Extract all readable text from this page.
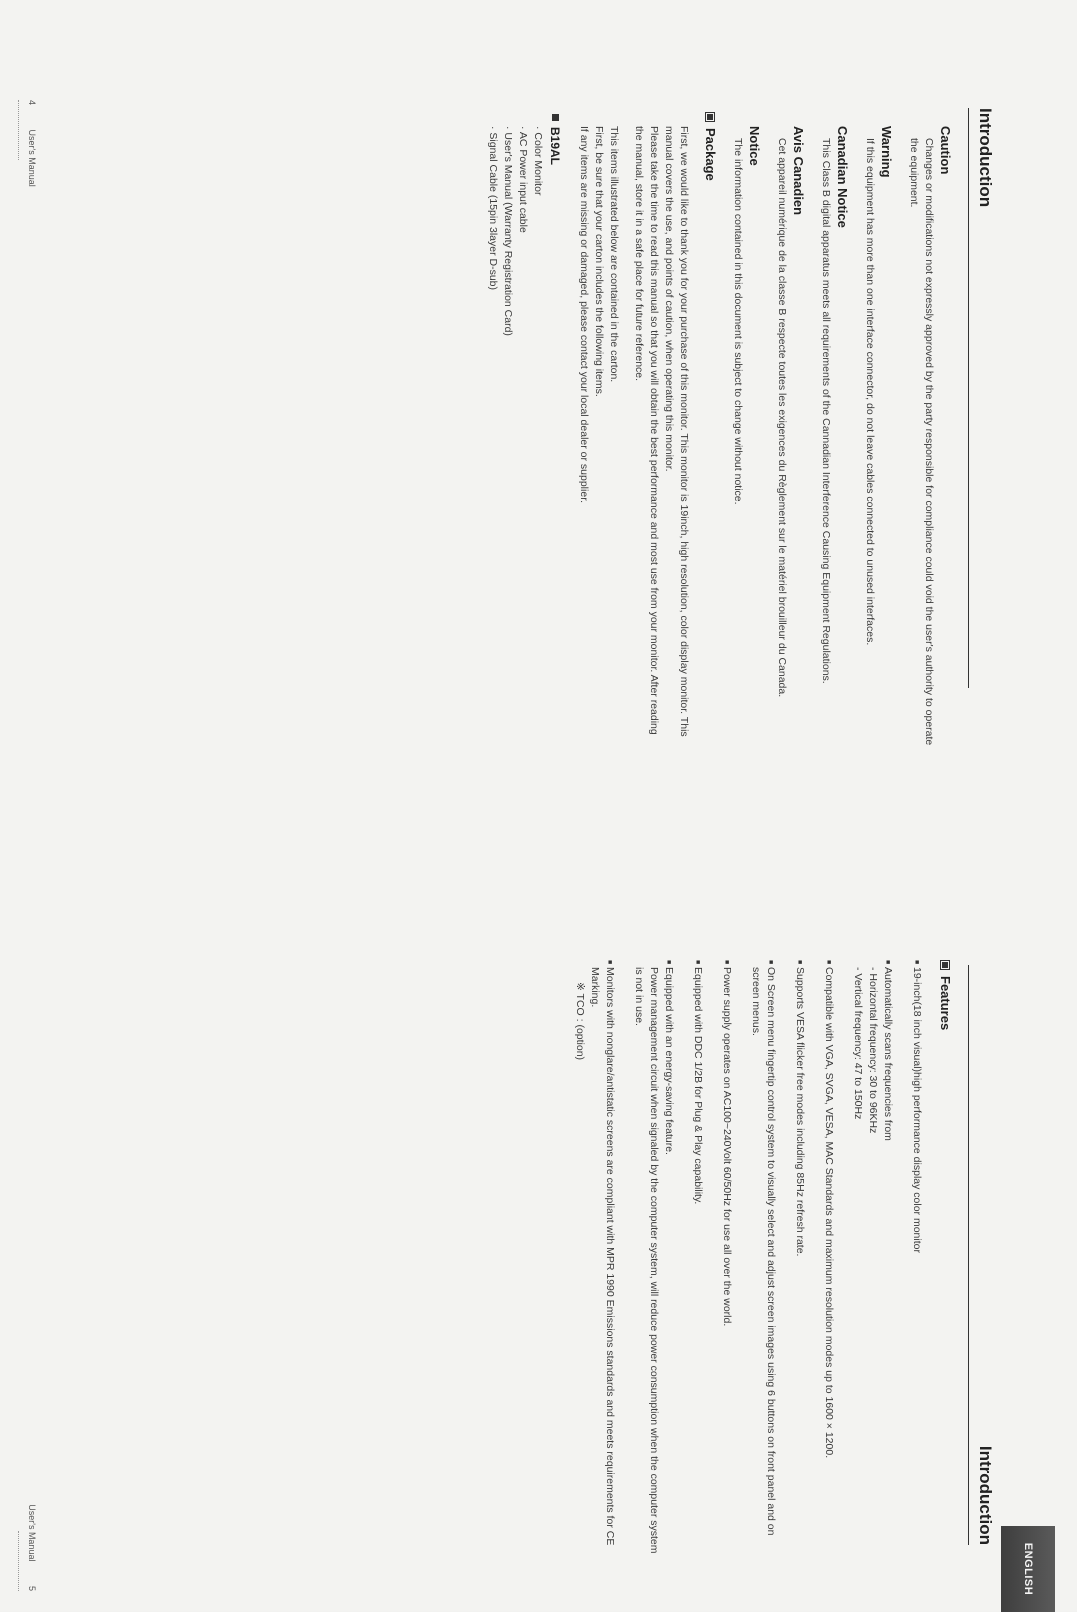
Introduction
Caution

Changes or modifications not expressly approved by the party responsible for compliance could void the user's authority to operate the equipment.

Warning

If this equipment has more than one interface connector, do not leave cables connected to unused interfaces.

Canadian Notice

This Class B digital apparatus meets all requirements of the Cannadian Interference Causing Equipment Regulations.

Avis Canadien

Cet appareil numérique de la classe B respecte toutes les exigences du Règlement sur le matériel brouilleur du Canada.

Notice

The information contained in this document is subject to change without notice.

Package

First, we would like to thank you for your purchase of this monitor. This monitor is 19inch, high resolution, color display monitor. This manual covers the use, and points of caution, when operating this monitor.

Please take the time to read this manual so that you will obtain the best performance and most use from your monitor. After reading the manual, store it in a safe place for future reference.

This items illustrated below are contained in the carton.

First, be sure that your carton includes the following items.

If any items are missing or damaged, please contact your local dealer or supplier.

B19AL

· Color Monitor

· AC Power input cable

· User's Manual (Warranty Registration Card)

· Signal Cable (15pin 3layer D-sub)

4 User's Manual
Introduction
ENGLISH
Features
■
19-inch(18 inch visual)high performance display color monitor
■
Automatically scans frequencies from
- Horizontal frequency: 30 to 96KHz
- Vertical frequency: 47 to 150Hz
■
Compatible with VGA, SVGA, VESA, MAC Standards and maximum resolution modes up to 1600 × 1200.
■
Supports VESA flicker free modes including 85Hz refresh rate.
■
On Screen menu fingertip control system to visually select and adjust screen images using 6 buttons on front panel and on screen menus.
■
Power supply operates on AC100~240Volt 60/50Hz for use all over the world.
■
Equipped with DDC 1/2B for Plug & Play capability.
■
Equipped with an energy-saving feature.
Power management circuit when signaled by the computer system, will reduce power consumption when the computer system is not in use.
■
Monitors with nonglare/antistatic screens are compliant with MPR 1990 Emissions standards and meets requirements for CE Marking.
※ TCO : (option)
User's Manual 5
